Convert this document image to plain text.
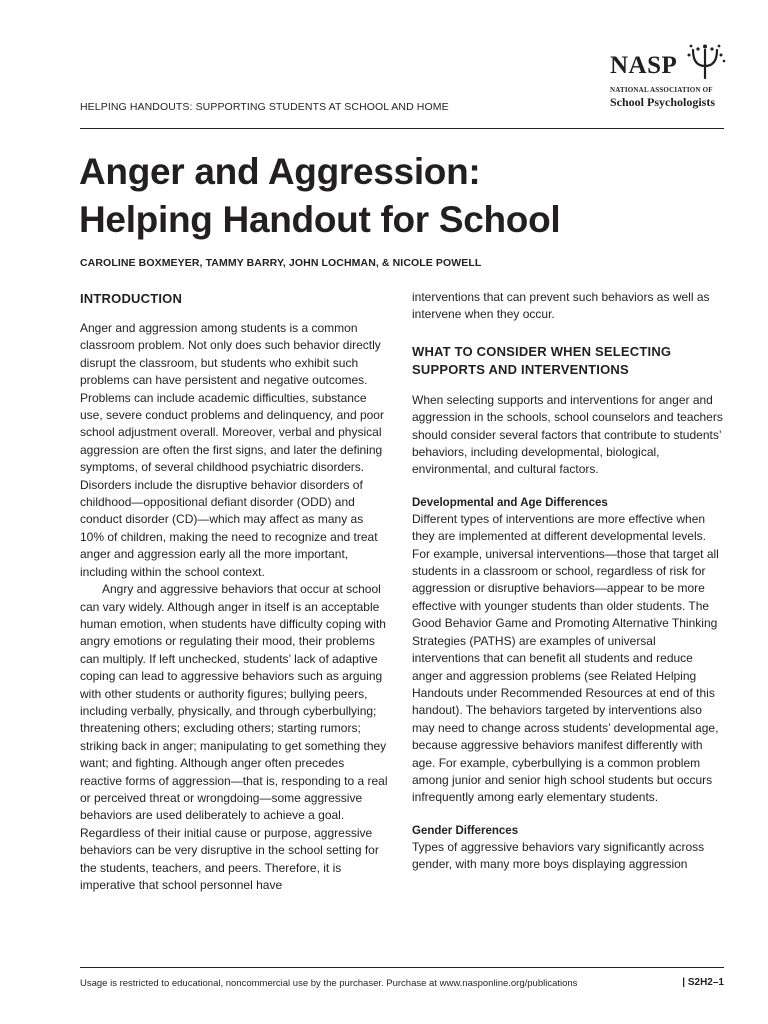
NASP
NATIONAL ASSOCIATION OF
School Psychologists
HELPING HANDOUTS: SUPPORTING STUDENTS AT SCHOOL AND HOME
Anger and Aggression:
Helping Handout for School
CAROLINE BOXMEYER, TAMMY BARRY, JOHN LOCHMAN, & NICOLE POWELL
INTRODUCTION

Anger and aggression among students is a common classroom problem. Not only does such behavior directly disrupt the classroom, but students who exhibit such problems can have persistent and negative outcomes. Problems can include academic difficulties, substance use, severe conduct problems and delinquency, and poor school adjustment overall. Moreover, verbal and physical aggression are often the first signs, and later the defining symptoms, of several childhood psychiatric disorders. Disorders include the disruptive behavior disorders of childhood—oppositional defiant disorder (ODD) and conduct disorder (CD)—which may affect as many as 10% of children, making the need to recognize and treat anger and aggression early all the more important, including within the school context.

Angry and aggressive behaviors that occur at school can vary widely. Although anger in itself is an acceptable human emotion, when students have difficulty coping with angry emotions or regulating their mood, their problems can multiply. If left unchecked, students’ lack of adaptive coping can lead to aggressive behaviors such as arguing with other students or authority figures; bullying peers, including verbally, physically, and through cyberbullying; threatening others; excluding others; starting rumors; striking back in anger; manipulating to get something they want; and fighting. Although anger often precedes reactive forms of aggression—that is, responding to a real or perceived threat or wrongdoing—some aggressive behaviors are used deliberately to achieve a goal. Regardless of their initial cause or purpose, aggressive behaviors can be very disruptive in the school setting for the students, teachers, and peers. Therefore, it is imperative that school personnel have

interventions that can prevent such behaviors as well as intervene when they occur.

WHAT TO CONSIDER WHEN SELECTING SUPPORTS AND INTERVENTIONS

When selecting supports and interventions for anger and aggression in the schools, school counselors and teachers should consider several factors that contribute to students’ behaviors, including developmental, biological, environmental, and cultural factors.

Developmental and Age Differences

Different types of interventions are more effective when they are implemented at different developmental levels. For example, universal interventions—those that target all students in a classroom or school, regardless of risk for aggression or disruptive behaviors—appear to be more effective with younger students than older students. The Good Behavior Game and Promoting Alternative Thinking Strategies (PATHS) are examples of universal interventions that can benefit all students and reduce anger and aggression problems (see Related Helping Handouts under Recommended Resources at end of this handout). The behaviors targeted by interventions also may need to change across students’ developmental age, because aggressive behaviors manifest differently with age. For example, cyberbullying is a common problem among junior and senior high school students but occurs infrequently among early elementary students.

Gender Differences

Types of aggressive behaviors vary significantly across gender, with many more boys displaying aggression

Usage is restricted to educational, noncommercial use by the purchaser. Purchase at www.nasponline.org/publications	| S2H2–1
